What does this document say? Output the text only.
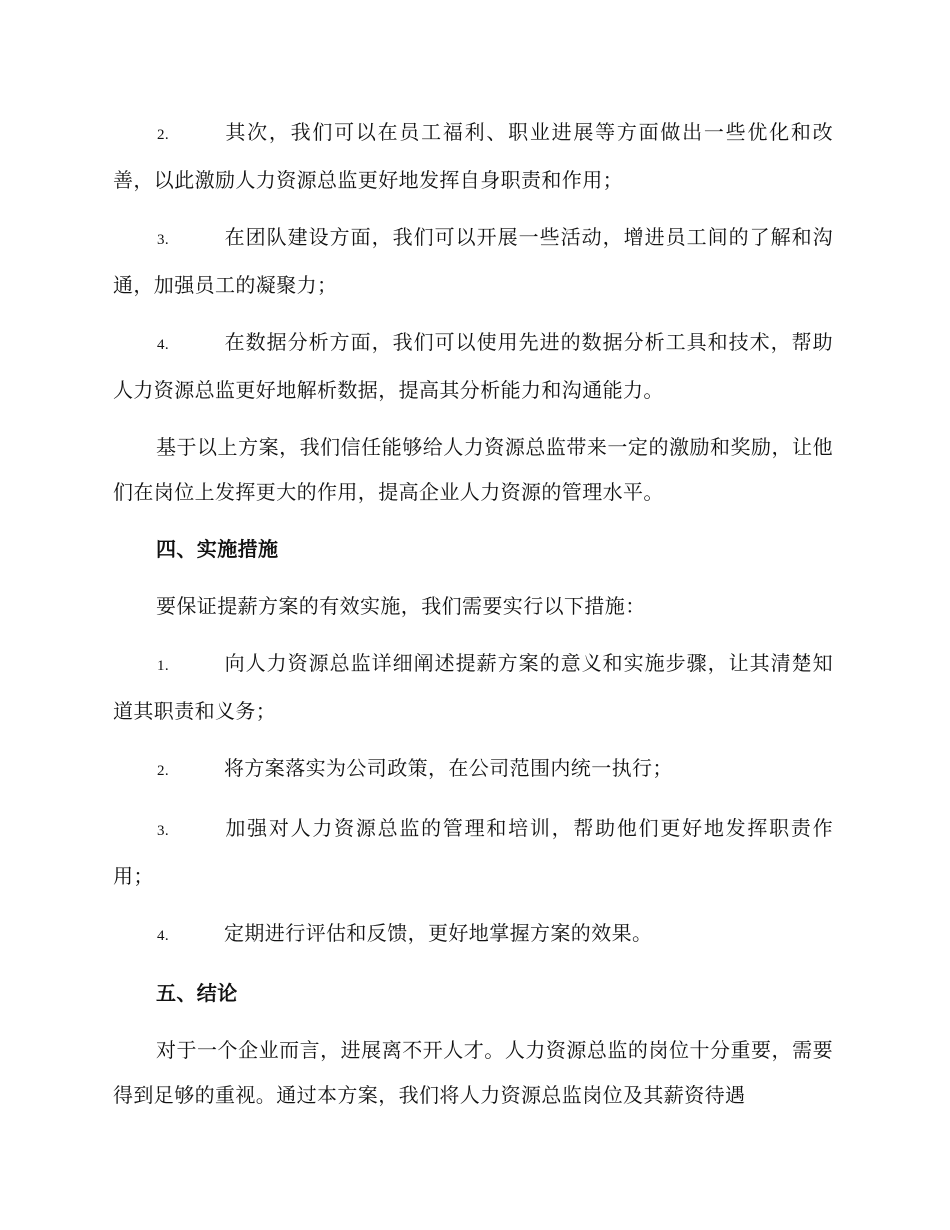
2.	其次，我们可以在员工福利、职业进展等方面做出一些优化和改善，以此激励人力资源总监更好地发挥自身职责和作用；

3.	在团队建设方面，我们可以开展一些活动，增进员工间的了解和沟通，加强员工的凝聚力；

4.	在数据分析方面，我们可以使用先进的数据分析工具和技术，帮助人力资源总监更好地解析数据，提高其分析能力和沟通能力。

基于以上方案，我们信任能够给人力资源总监带来一定的激励和奖励，让他们在岗位上发挥更大的作用，提高企业人力资源的管理水平。

四、实施措施

要保证提薪方案的有效实施，我们需要实行以下措施：

1.	向人力资源总监详细阐述提薪方案的意义和实施步骤，让其清楚知道其职责和义务；

2.	将方案落实为公司政策，在公司范围内统一执行；

3.	加强对人力资源总监的管理和培训，帮助他们更好地发挥职责作用；

4.	定期进行评估和反馈，更好地掌握方案的效果。

五、结论

对于一个企业而言，进展离不开人才。人力资源总监的岗位十分重要，需要得到足够的重视。通过本方案，我们将人力资源总监岗位及其薪资待遇
